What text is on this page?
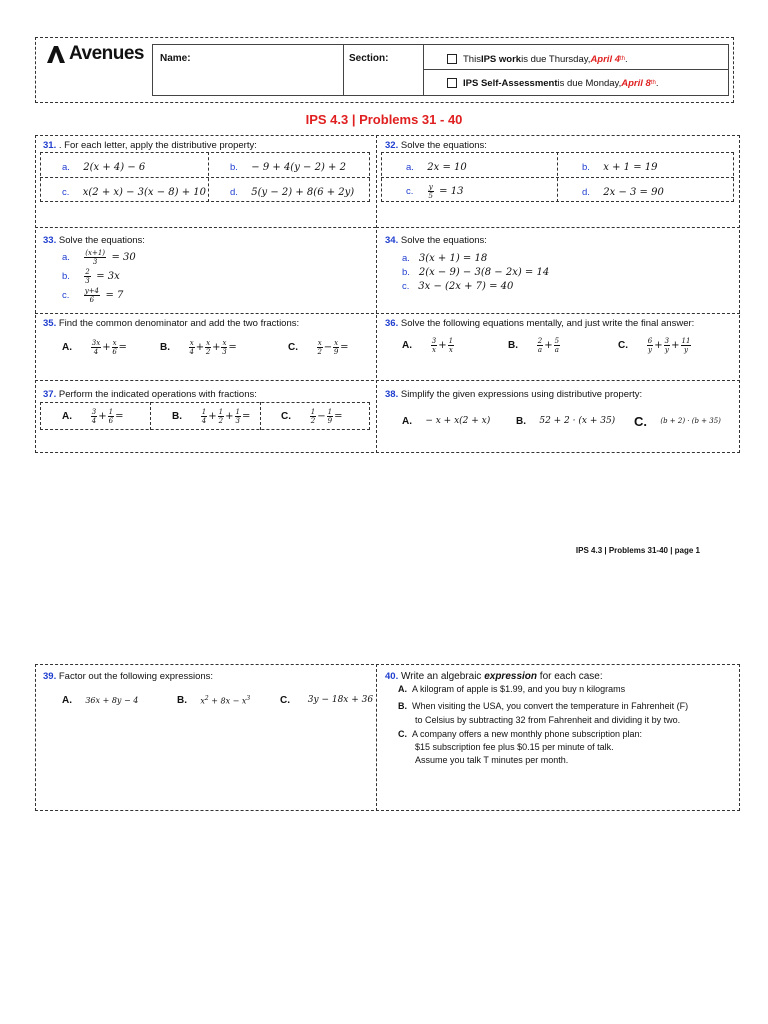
Avenues Name:	Section:	This IPS work is due Thursday, April 4 th .
IPS Self-Assessment is due Monday, April 8 th .
IPS 4.3 | Problems 31 - 40
31. . For each letter, apply the distributive property:
a.
2(x + 4) − 6	b.
− 9 + 4(y − 2) + 2
c.
x(2 + x) − 3(x − 8) + 10	d.
5(y − 2) + 8(6 + 2y)
32. Solve the equations:
a.
2x = 10	b.
x + 1 = 19
c.
$\frac{y}{5}$
= 13	d.
2x − 3 = 90
33. Solve the equations:
a.
$\frac{(x+1)}{3}$
= 30
b.
$\frac{2}{3}$
= 3x
c.
$\frac{y+4}{6}$
= 7
34. Solve the equations:
a.
3(x + 1) = 18
b.
2(x − 9) − 3(8 − 2x) = 14
c.
3x − (2x + 7) = 40
35. Find the common denominator and add the two fractions:
A.
	$\frac{3x}{4} + \frac{x}{6}$ =	B.
	$\frac{x}{4} + \frac{x}{2} + \frac{x}{3}$ =	C.
	$\frac{x}{2} - \frac{x}{9}$ =
36. Solve the following equations mentally, and just write the final answer:
A.
	$\frac{3}{x} + \frac{1}{x}$	B.
	$\frac{2}{a} + \frac{5}{a}$	C.
	$\frac{6}{y} + \frac{3}{y} + \frac{11}{y}$
37. Perform the indicated operations with fractions:
A.
	$\frac{3}{4} + \frac{1}{6}$ =	B.
	$\frac{1}{4} + \frac{1}{2} + \frac{1}{3}$ =	C.
	$\frac{1}{2} - \frac{1}{9}$ =
38. Simplify the given expressions using distributive property:
A.
− x + x(2 + x)	B.
52 + 2 · (x + 35) C.
(b + 2) · (b + 35)
IPS 4.3 | Problems 31-40 | page 1
39. Factor out the following expressions:
A.
36x + 8y − 4	B.
$x^2 + 8x - x^3$	C.
3y − 18x + 36
40. Write an algebraic expression for each case:
A. A kilogram of apple is $1.99, and you buy n kilograms
B. When visiting the USA, you convert the temperature in Fahrenheit (F)
to Celsius by subtracting 32 from Fahrenheit and dividing it by two.
C. A company offers a new monthly phone subscription plan:
$15 subscription fee plus $0.15 per minute of talk.
Assume you talk T minutes per month.
